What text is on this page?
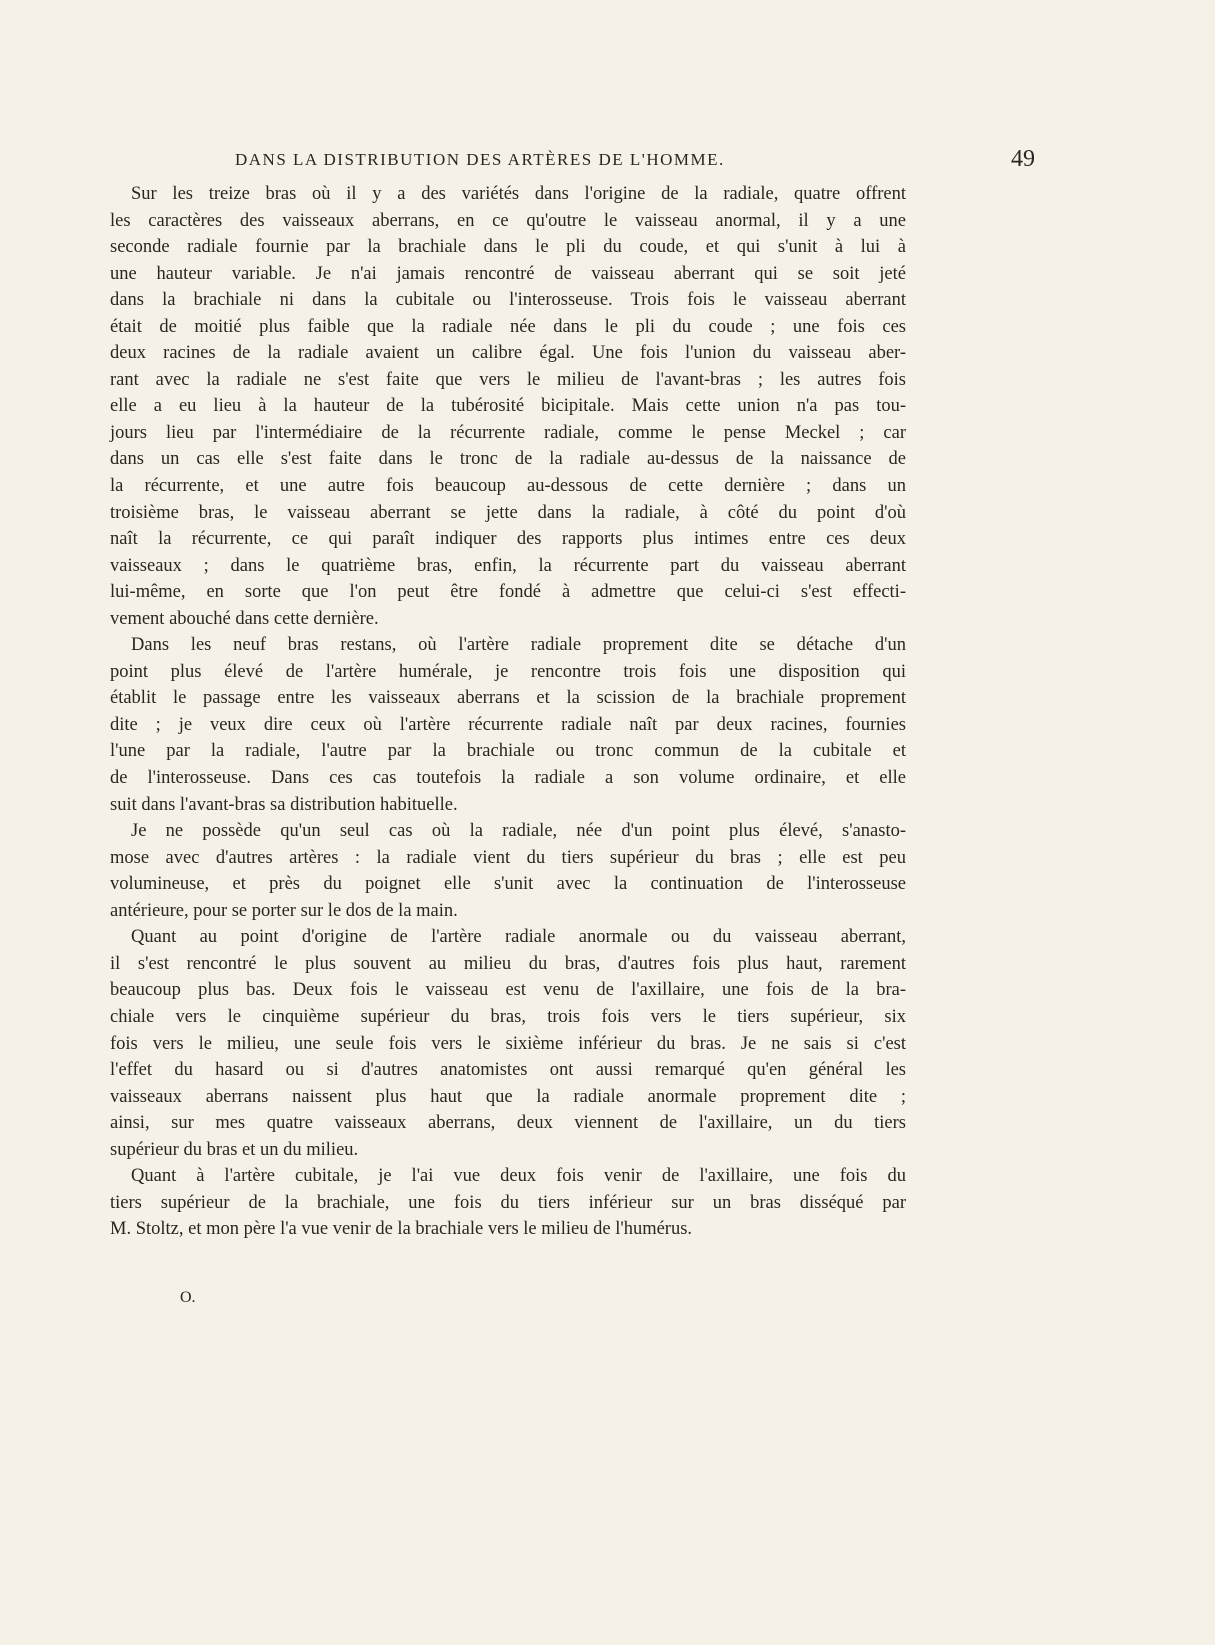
DANS LA DISTRIBUTION DES ARTÈRES DE L'HOMME.	49
Sur les treize bras où il y a des variétés dans l'origine de la radiale, quatre offrent
les caractères des vaisseaux aberrans, en ce qu'outre le vaisseau anormal, il y a une
seconde radiale fournie par la brachiale dans le pli du coude, et qui s'unit à lui à
une hauteur variable. Je n'ai jamais rencontré de vaisseau aberrant qui se soit jeté
dans la brachiale ni dans la cubitale ou l'interosseuse. Trois fois le vaisseau aberrant
était de moitié plus faible que la radiale née dans le pli du coude ; une fois ces
deux racines de la radiale avaient un calibre égal. Une fois l'union du vaisseau aber-
rant avec la radiale ne s'est faite que vers le milieu de l'avant-bras ; les autres fois
elle a eu lieu à la hauteur de la tubérosité bicipitale. Mais cette union n'a pas tou-
jours lieu par l'intermédiaire de la récurrente radiale, comme le pense Meckel ; car
dans un cas elle s'est faite dans le tronc de la radiale au-dessus de la naissance de
la récurrente, et une autre fois beaucoup au-dessous de cette dernière ; dans un
troisième bras, le vaisseau aberrant se jette dans la radiale, à côté du point d'où
naît la récurrente, ce qui paraît indiquer des rapports plus intimes entre ces deux
vaisseaux ; dans le quatrième bras, enfin, la récurrente part du vaisseau aberrant
lui-même, en sorte que l'on peut être fondé à admettre que celui-ci s'est effecti-
vement abouché dans cette dernière.
Dans les neuf bras restans, où l'artère radiale proprement dite se détache d'un
point plus élevé de l'artère humérale, je rencontre trois fois une disposition qui
établit le passage entre les vaisseaux aberrans et la scission de la brachiale proprement
dite ; je veux dire ceux où l'artère récurrente radiale naît par deux racines, fournies
l'une par la radiale, l'autre par la brachiale ou tronc commun de la cubitale et
de l'interosseuse. Dans ces cas toutefois la radiale a son volume ordinaire, et elle
suit dans l'avant-bras sa distribution habituelle.
Je ne possède qu'un seul cas où la radiale, née d'un point plus élevé, s'anasto-
mose avec d'autres artères : la radiale vient du tiers supérieur du bras ; elle est peu
volumineuse, et près du poignet elle s'unit avec la continuation de l'interosseuse
antérieure, pour se porter sur le dos de la main.
Quant au point d'origine de l'artère radiale anormale ou du vaisseau aberrant,
il s'est rencontré le plus souvent au milieu du bras, d'autres fois plus haut, rarement
beaucoup plus bas. Deux fois le vaisseau est venu de l'axillaire, une fois de la bra-
chiale vers le cinquième supérieur du bras, trois fois vers le tiers supérieur, six
fois vers le milieu, une seule fois vers le sixième inférieur du bras. Je ne sais si c'est
l'effet du hasard ou si d'autres anatomistes ont aussi remarqué qu'en général les
vaisseaux aberrans naissent plus haut que la radiale anormale proprement dite ;
ainsi, sur mes quatre vaisseaux aberrans, deux viennent de l'axillaire, un du tiers
supérieur du bras et un du milieu.
Quant à l'artère cubitale, je l'ai vue deux fois venir de l'axillaire, une fois du
tiers supérieur de la brachiale, une fois du tiers inférieur sur un bras disséqué par
M. Stoltz, et mon père l'a vue venir de la brachiale vers le milieu de l'humérus.
O.
